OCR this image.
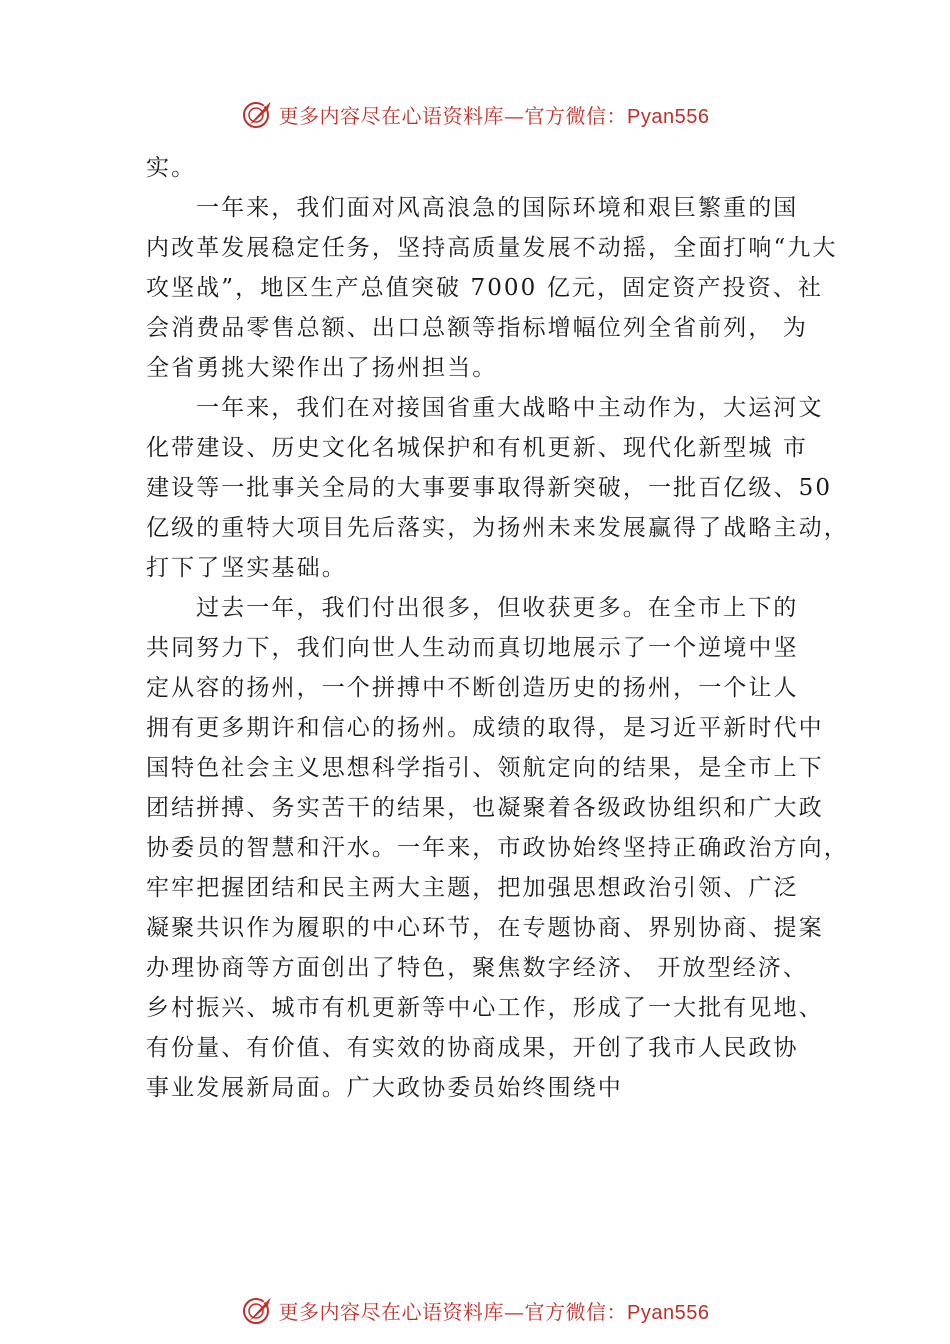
更多内容尽在心语资料库—官方微信：Pyan556
实。
一年来，我们面对风高浪急的国际环境和艰巨繁重的国
内改革发展稳定任务，坚持高质量发展不动摇，全面打响“九大
攻坚战”，地区生产总值突破 7000 亿元，固定资产投资、社
会消费品零售总额、出口总额等指标增幅位列全省前列， 为
全省勇挑大梁作出了扬州担当。
一年来，我们在对接国省重大战略中主动作为，大运河文
化带建设、历史文化名城保护和有机更新、现代化新型城 市
建设等一批事关全局的大事要事取得新突破，一批百亿级、50
亿级的重特大项目先后落实，为扬州未来发展赢得了战略主动，
打下了坚实基础。
过去一年，我们付出很多，但收获更多。在全市上下的
共同努力下，我们向世人生动而真切地展示了一个逆境中坚
定从容的扬州，一个拼搏中不断创造历史的扬州，一个让人
拥有更多期许和信心的扬州。成绩的取得，是习近平新时代中
国特色社会主义思想科学指引、领航定向的结果，是全市上下
团结拼搏、务实苦干的结果，也凝聚着各级政协组织和广大政
协委员的智慧和汗水。一年来，市政协始终坚持正确政治方向，
牢牢把握团结和民主两大主题，把加强思想政治引领、广泛
凝聚共识作为履职的中心环节，在专题协商、界别协商、提案
办理协商等方面创出了特色，聚焦数字经济、 开放型经济、
乡村振兴、城市有机更新等中心工作，形成了一大批有见地、
有份量、有价值、有实效的协商成果，开创了我市人民政协
事业发展新局面。广大政协委员始终围绕中
更多内容尽在心语资料库—官方微信：Pyan556
